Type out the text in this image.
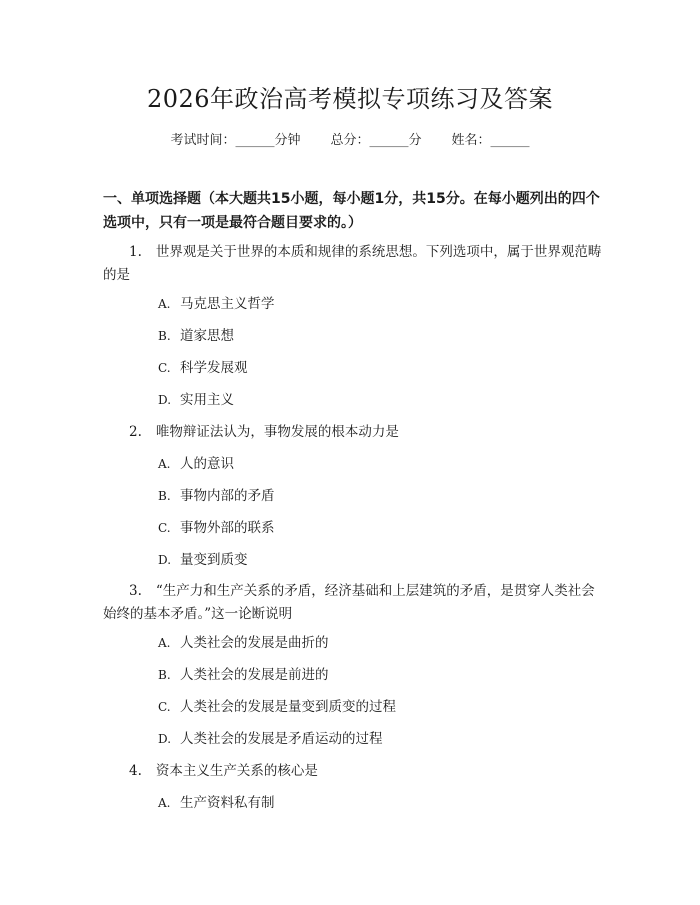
2026年政治高考模拟专项练习及答案
考试时间：______分钟 总分：______分 姓名：______
一、单项选择题（本大题共15小题，每小题1分，共15分。在每小题列出的四个选项中，只有一项是最符合题目要求的。）
1. 世界观是关于世界的本质和规律的系统思想。下列选项中，属于世界观范畴的是
A. 马克思主义哲学
B. 道家思想
C. 科学发展观
D. 实用主义
2. 唯物辩证法认为，事物发展的根本动力是
A. 人的意识
B. 事物内部的矛盾
C. 事物外部的联系
D. 量变到质变
3. “生产力和生产关系的矛盾，经济基础和上层建筑的矛盾，是贯穿人类社会始终的基本矛盾。”这一论断说明
A. 人类社会的发展是曲折的
B. 人类社会的发展是前进的
C. 人类社会的发展是量变到质变的过程
D. 人类社会的发展是矛盾运动的过程
4. 资本主义生产关系的核心是
A. 生产资料私有制
